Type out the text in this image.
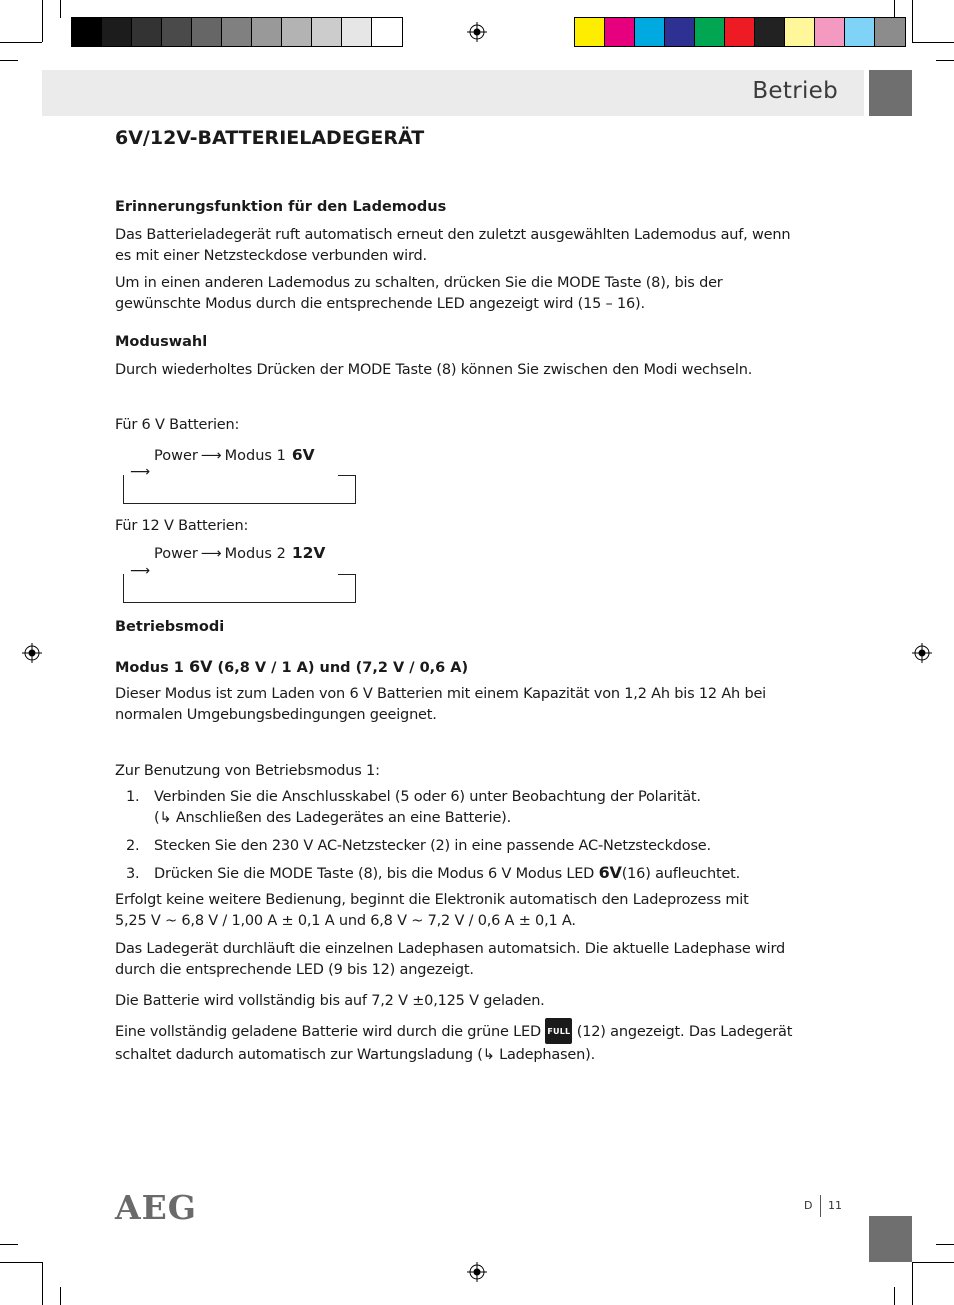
Betrieb
6V/12V-BATTERIELADEGERÄT
Erinnerungsfunktion für den Lademodus
Das Batterieladegerät ruft automatisch erneut den zuletzt ausgewählten Lademodus auf, wenn
es mit einer Netzsteckdose verbunden wird.
Um in einen anderen Lademodus zu schalten, drücken Sie die MODE Taste (8), bis der
gewünschte Modus durch die entsprechende LED angezeigt wird (15 – 16).
Moduswahl
Durch wiederholtes Drücken der MODE Taste (8) können Sie zwischen den Modi wechseln.
Für 6 V Batterien:
Power ⟶ Modus 1 6V
⟶
Für 12 V Batterien:
Power ⟶ Modus 2 12V
⟶
Betriebsmodi
Modus 1 6V (6,8 V / 1 A) und (7,2 V / 0,6 A)
Dieser Modus ist zum Laden von 6 V Batterien mit einem Kapazität von 1,2 Ah bis 12 Ah bei
normalen Umgebungsbedingungen geeignet.
Zur Benutzung von Betriebsmodus 1:
1. Verbinden Sie die Anschlusskabel (5 oder 6) unter Beobachtung der Polarität.
(↳ Anschließen des Ladegerätes an eine Batterie).
2. Stecken Sie den 230 V AC-Netzstecker (2) in eine passende AC-Netzsteckdose.
3. Drücken Sie die MODE Taste (8), bis die Modus 6 V Modus LED 6V(16) aufleuchtet.
Erfolgt keine weitere Bedienung, beginnt die Elektronik automatisch den Ladeprozess mit
5,25 V ~ 6,8 V / 1,00 A ± 0,1 A und 6,8 V ~ 7,2 V / 0,6 A ± 0,1 A.
Das Ladegerät durchläuft die einzelnen Ladephasen automatsich. Die aktuelle Ladephase wird
durch die entsprechende LED (9 bis 12) angezeigt.
Die Batterie wird vollständig bis auf 7,2 V ±0,125 V geladen.
Eine vollständig geladene Batterie wird durch die grüne LED FULL (12) angezeigt. Das Ladegerät
schaltet dadurch automatisch zur Wartungsladung (↳ Ladephasen).
AEG	D 11
